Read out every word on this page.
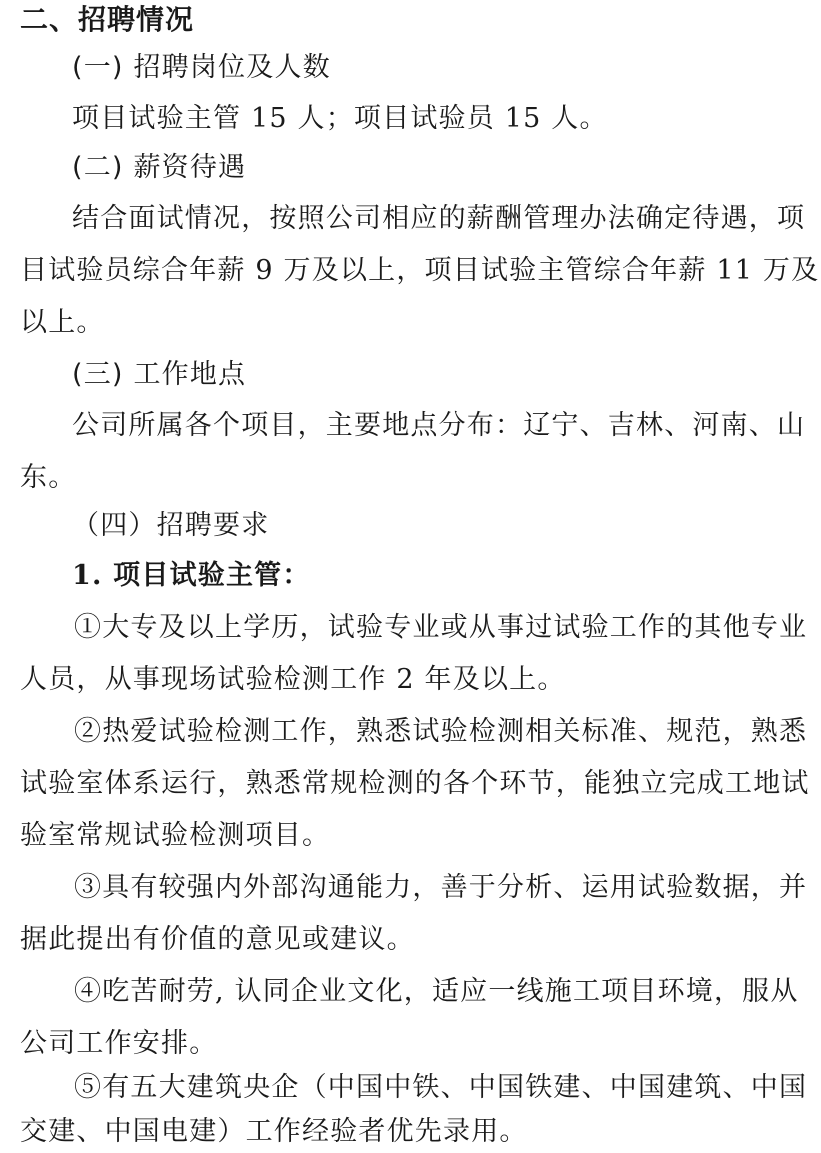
二、招聘情况
(一) 招聘岗位及人数
项目试验主管 15 人；项目试验员 15 人。
(二) 薪资待遇
结合面试情况，按照公司相应的薪酬管理办法确定待遇，项
目试验员综合年薪 9 万及以上，项目试验主管综合年薪 11 万及
以上。
(三) 工作地点
公司所属各个项目，主要地点分布：辽宁、吉林、河南、山
东。
（四）招聘要求
1. 项目试验主管：
①大专及以上学历，试验专业或从事过试验工作的其他专业
人员，从事现场试验检测工作 2 年及以上。
②热爱试验检测工作，熟悉试验检测相关标准、规范，熟悉
试验室体系运行，熟悉常规检测的各个环节，能独立完成工地试
验室常规试验检测项目。
③具有较强内外部沟通能力，善于分析、运用试验数据，并
据此提出有价值的意见或建议。
④吃苦耐劳, 认同企业文化，适应一线施工项目环境，服从
公司工作安排。
⑤有五大建筑央企（中国中铁、中国铁建、中国建筑、中国
交建、中国电建）工作经验者优先录用。
